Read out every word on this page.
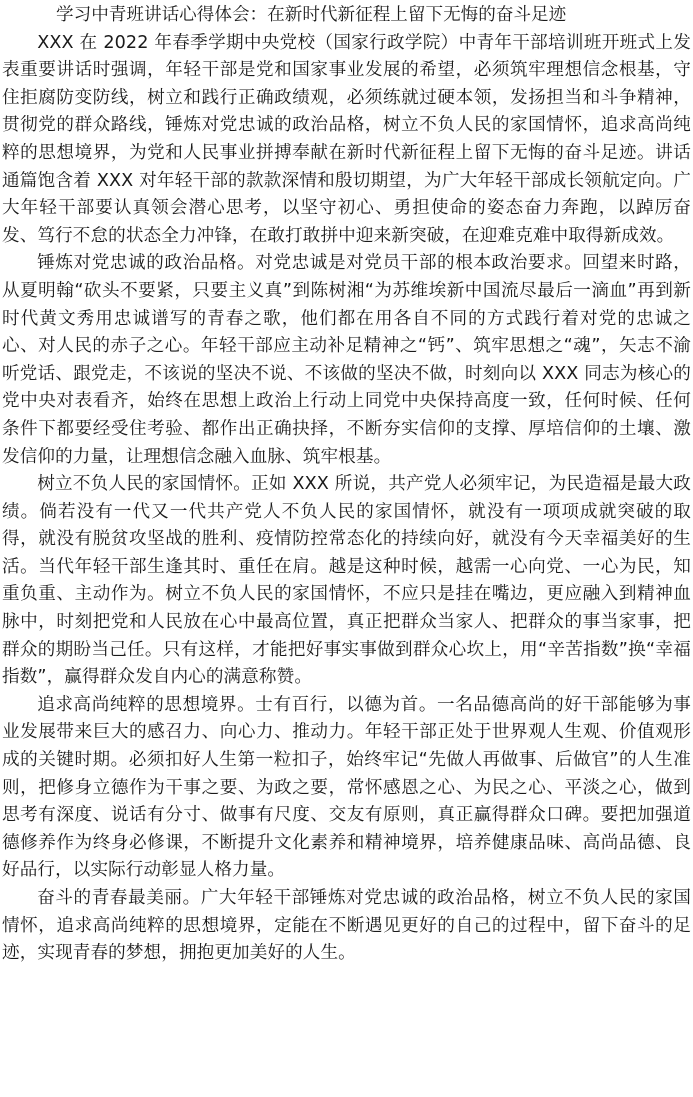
学习中青班讲话心得体会：在新时代新征程上留下无悔的奋斗足迹

XXX 在 2022 年春季学期中央党校（国家行政学院）中青年干部培训班开班式上发表重要讲话时强调，年轻干部是党和国家事业发展的希望，必须筑牢理想信念根基，守住拒腐防变防线，树立和践行正确政绩观，必须练就过硬本领，发扬担当和斗争精神，贯彻党的群众路线，锤炼对党忠诚的政治品格，树立不负人民的家国情怀，追求高尚纯粹的思想境界，为党和人民事业拼搏奉献在新时代新征程上留下无悔的奋斗足迹。讲话通篇饱含着 XXX 对年轻干部的款款深情和殷切期望，为广大年轻干部成长领航定向。广大年轻干部要认真领会潜心思考，以坚守初心、勇担使命的姿态奋力奔跑，以踔厉奋发、笃行不怠的状态全力冲锋，在敢打敢拼中迎来新突破，在迎难克难中取得新成效。

锤炼对党忠诚的政治品格。对党忠诚是对党员干部的根本政治要求。回望来时路，从夏明翰“砍头不要紧，只要主义真”到陈树湘“为苏维埃新中国流尽最后一滴血”再到新时代黄文秀用忠诚谱写的青春之歌，他们都在用各自不同的方式践行着对党的忠诚之心、对人民的赤子之心。年轻干部应主动补足精神之“钙”、筑牢思想之“魂”，矢志不渝听党话、跟党走，不该说的坚决不说、不该做的坚决不做，时刻向以 XXX 同志为核心的党中央对表看齐，始终在思想上政治上行动上同党中央保持高度一致，任何时候、任何条件下都要经受住考验、都作出正确抉择，不断夯实信仰的支撑、厚培信仰的土壤、激发信仰的力量，让理想信念融入血脉、筑牢根基。

树立不负人民的家国情怀。正如 XXX 所说，共产党人必须牢记，为民造福是最大政绩。倘若没有一代又一代共产党人不负人民的家国情怀，就没有一项项成就突破的取得，就没有脱贫攻坚战的胜利、疫情防控常态化的持续向好，就没有今天幸福美好的生活。当代年轻干部生逢其时、重任在肩。越是这种时候，越需一心向党、一心为民，知重负重、主动作为。树立不负人民的家国情怀，不应只是挂在嘴边，更应融入到精神血脉中，时刻把党和人民放在心中最高位置，真正把群众当家人、把群众的事当家事，把群众的期盼当己任。只有这样，才能把好事实事做到群众心坎上，用“辛苦指数”换“幸福指数”，赢得群众发自内心的满意称赞。

追求高尚纯粹的思想境界。士有百行，以德为首。一名品德高尚的好干部能够为事业发展带来巨大的感召力、向心力、推动力。年轻干部正处于世界观人生观、价值观形成的关键时期。必须扣好人生第一粒扣子，始终牢记“先做人再做事、后做官”的人生准则，把修身立德作为干事之要、为政之要，常怀感恩之心、为民之心、平淡之心，做到思考有深度、说话有分寸、做事有尺度、交友有原则，真正赢得群众口碑。要把加强道德修养作为终身必修课，不断提升文化素养和精神境界，培养健康品味、高尚品德、良好品行，以实际行动彰显人格力量。

奋斗的青春最美丽。广大年轻干部锤炼对党忠诚的政治品格，树立不负人民的家国情怀，追求高尚纯粹的思想境界，定能在不断遇见更好的自己的过程中，留下奋斗的足迹，实现青春的梦想，拥抱更加美好的人生。
